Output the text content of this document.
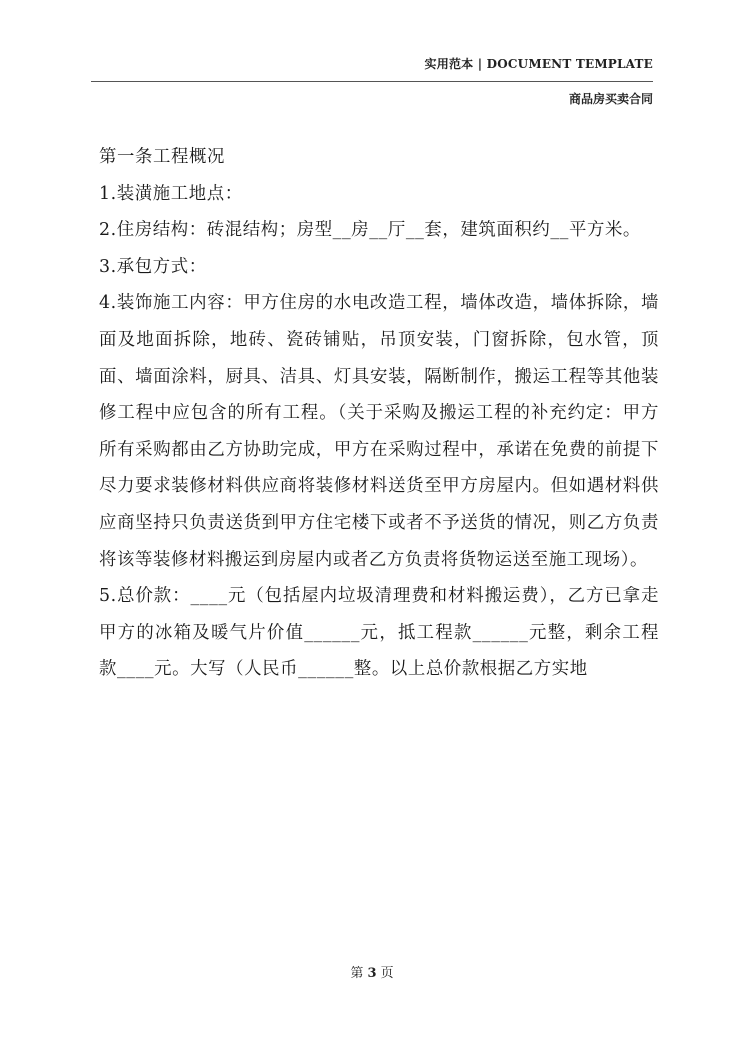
实用范本 | DOCUMENT TEMPLATE
商品房买卖合同

第一条工程概况

1.装潢施工地点：

2.住房结构：砖混结构；房型__房__厅__套，建筑面积约__平方米。

3.承包方式：

4.装饰施工内容：甲方住房的水电改造工程，墙体改造，墙体拆除，墙面及地面拆除，地砖、瓷砖铺贴，吊顶安装，门窗拆除，包水管，顶面、墙面涂料，厨具、洁具、灯具安装，隔断制作，搬运工程等其他装修工程中应包含的所有工程。（关于采购及搬运工程的补充约定：甲方所有采购都由乙方协助完成，甲方在采购过程中，承诺在免费的前提下尽力要求装修材料供应商将装修材料送货至甲方房屋内。但如遇材料供应商坚持只负责送货到甲方住宅楼下或者不予送货的情况，则乙方负责将该等装修材料搬运到房屋内或者乙方负责将货物运送至施工现场）。

5.总价款：____元（包括屋内垃圾清理费和材料搬运费），乙方已拿走甲方的冰箱及暖气片价值______元，抵工程款______元整，剩余工程款____元。大写（人民币______整。以上总价款根据乙方实地

第 3 页
